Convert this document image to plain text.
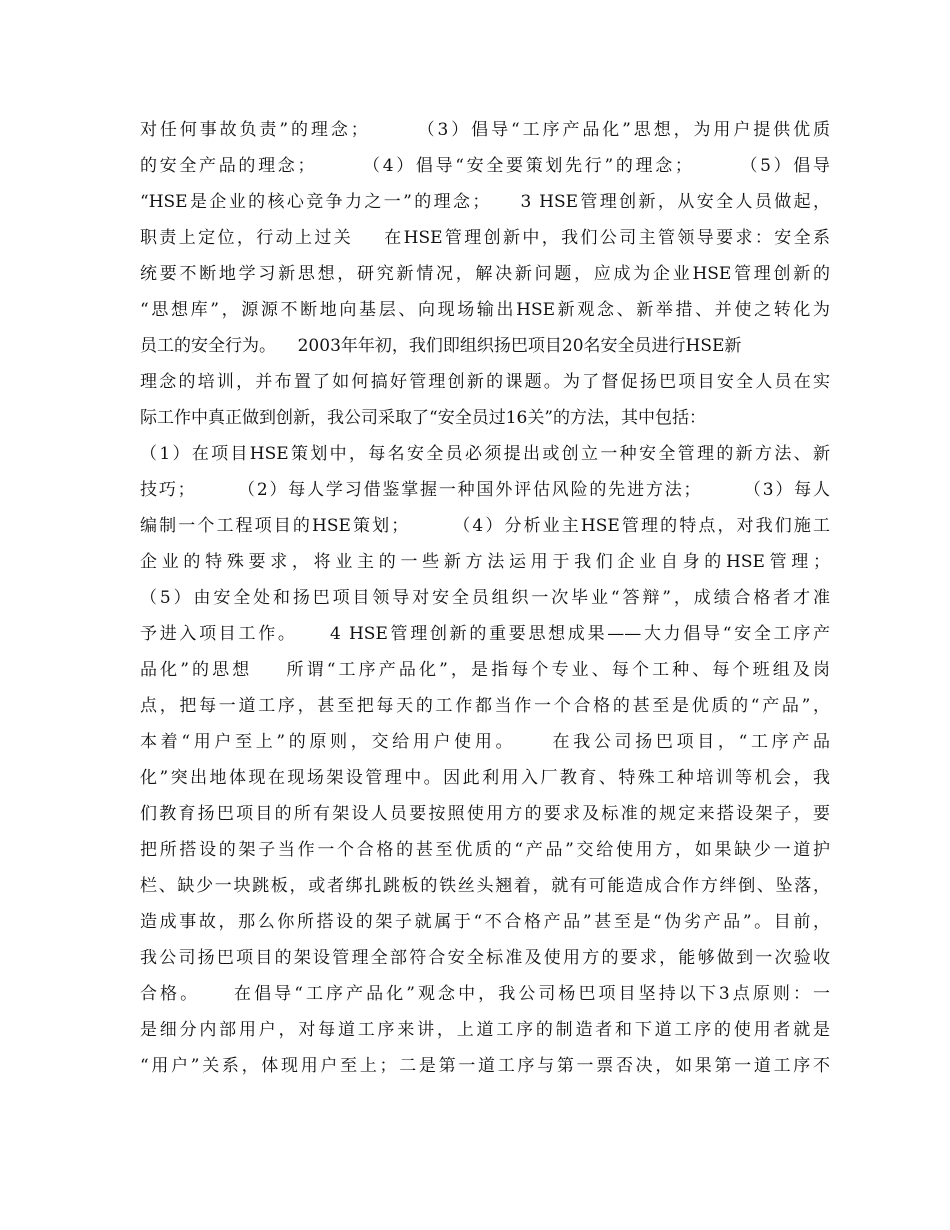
对任何事故负责”的理念；      （3）倡导“工序产品化”思想，为用户提供优质
的安全产品的理念；      （4）倡导“安全要策划先行”的理念；      （5）倡导
“HSE是企业的核心竞争力之一”的理念；    3 HSE管理创新，从安全人员做起，
职责上定位，行动上过关    在HSE管理创新中，我们公司主管领导要求：安全系
统要不断地学习新思想，研究新情况，解决新问题，应成为企业HSE管理创新的
“思想库”，源源不断地向基层、向现场输出HSE新观念、新举措、并使之转化为
员工的安全行为。    2003年年初，我们即组织扬巴项目20名安全员进行HSE新
理念的培训，并布置了如何搞好管理创新的课题。为了督促扬巴项目安全人员在实
际工作中真正做到创新，我公司采取了“安全员过16关”的方法，其中包括：
（1）在项目HSE策划中，每名安全员必须提出或创立一种安全管理的新方法、新
技巧；      （2）每人学习借鉴掌握一种国外评估风险的先进方法；      （3）每人
编制一个工程项目的HSE策划；      （4）分析业主HSE管理的特点，对我们施工
企业的特殊要求，将业主的一些新方法运用于我们企业自身的HSE管理；
（5）由安全处和扬巴项目领导对安全员组织一次毕业“答辩”，成绩合格者才准
予进入项目工作。    4 HSE管理创新的重要思想成果——大力倡导“安全工序产
品化”的思想    所谓“工序产品化”，是指每个专业、每个工种、每个班组及岗
点，把每一道工序，甚至把每天的工作都当作一个合格的甚至是优质的“产品”，
本着“用户至上”的原则，交给用户使用。    在我公司扬巴项目，“工序产品
化”突出地体现在现场架设管理中。因此利用入厂教育、特殊工种培训等机会，我
们教育扬巴项目的所有架设人员要按照使用方的要求及标准的规定来搭设架子，要
把所搭设的架子当作一个合格的甚至优质的“产品”交给使用方，如果缺少一道护
栏、缺少一块跳板，或者绑扎跳板的铁丝头翘着，就有可能造成合作方绊倒、坠落，
造成事故，那么你所搭设的架子就属于“不合格产品”甚至是“伪劣产品”。目前，
我公司扬巴项目的架设管理全部符合安全标准及使用方的要求，能够做到一次验收
合格。    在倡导“工序产品化”观念中，我公司杨巴项目坚持以下3点原则：一
是细分内部用户，对每道工序来讲，上道工序的制造者和下道工序的使用者就是
“用户”关系，体现用户至上；二是第一道工序与第一票否决，如果第一道工序不
